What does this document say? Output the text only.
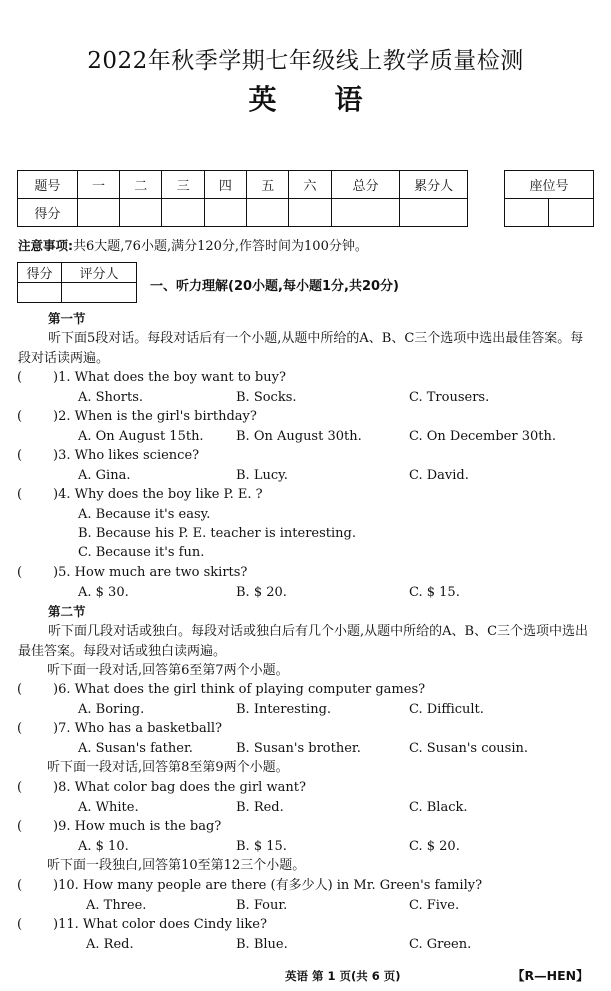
2022年秋季学期七年级线上教学质量检测
英语
题号	一	二	三	四	五	六	总分	累分人
得分								
座位号

注意事项:共6大题,76小题,满分120分,作答时间为100分钟。
得分	评分人

一、听力理解(20小题,每小题1分,共20分)
第一节
听下面5段对话。每段对话后有一个小题,从题中所给的A、B、C三个选项中选出最佳答案。每段对话读两遍。
( )1. What does the boy want to buy?
A. Shorts.	B. Socks.	C. Trousers.
( )2. When is the girl's birthday?
A. On August 15th. B. On August 30th.	C. On December 30th.
( )3. Who likes science?
A. Gina.	B. Lucy.	C. David.
( )4. Why does the boy like P. E. ?
A. Because it's easy.
B. Because his P. E. teacher is interesting.
C. Because it's fun.
( )5. How much are two skirts?
A. $ 30.	B. $ 20.	C. $ 15.
第二节
听下面几段对话或独白。每段对话或独白后有几个小题,从题中所给的A、B、C三个选项中选出最佳答案。每段对话或独白读两遍。
听下面一段对话,回答第6至第7两个小题。
( )6. What does the girl think of playing computer games?
A. Boring.	B. Interesting.	C. Difficult.
( )7. Who has a basketball?
A. Susan's father.	B. Susan's brother.	C. Susan's cousin.
听下面一段对话,回答第8至第9两个小题。
( )8. What color bag does the girl want?
A. White.	B. Red.	C. Black.
( )9. How much is the bag?
A. $ 10.	B. $ 15.	C. $ 20.
听下面一段独白,回答第10至第12三个小题。
( )10. How many people are there (有多少人) in Mr. Green's family?
A. Three.	B. Four.	C. Five.
( )11. What color does Cindy like?
A. Red.	B. Blue.	C. Green.
英语 第 1 页(共 6 页)	【R—HEN】
